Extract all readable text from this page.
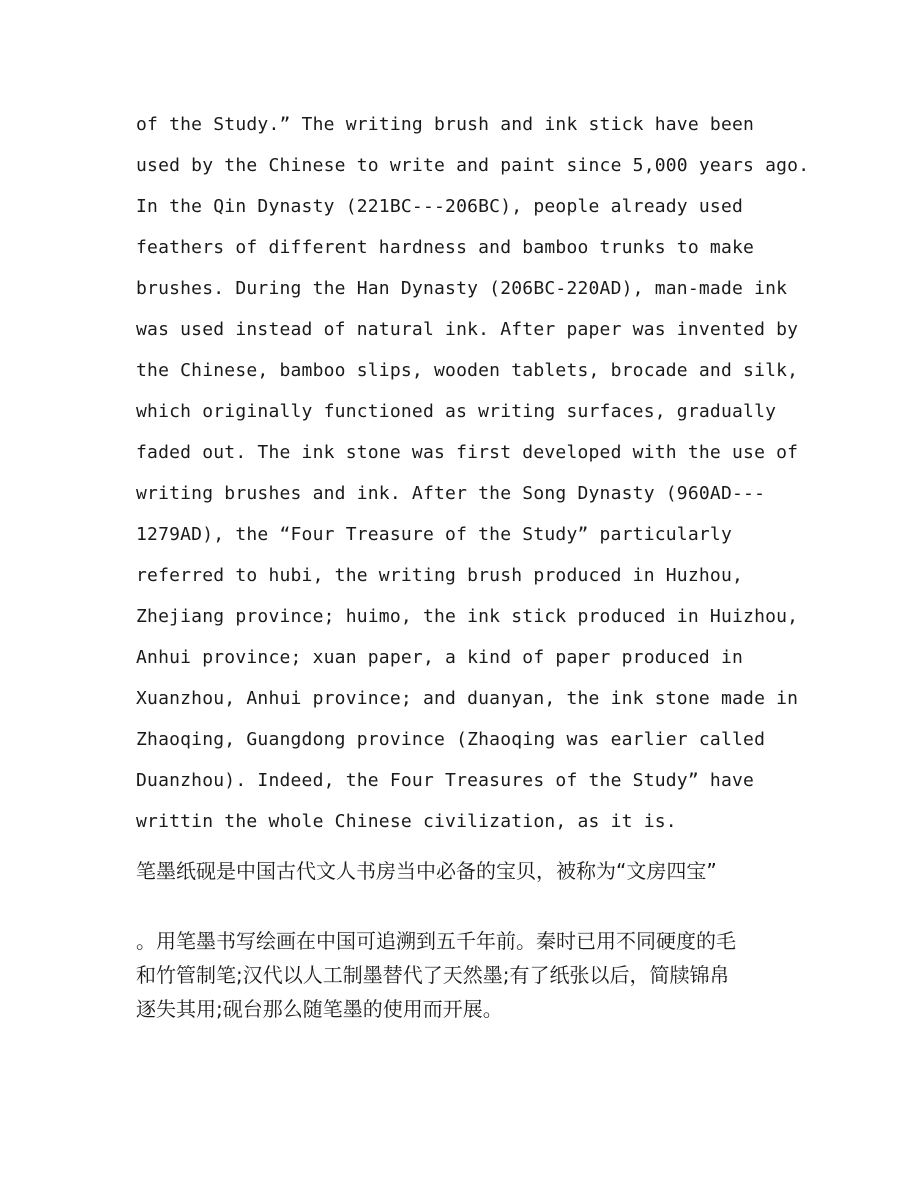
of the Study.” The writing brush and ink stick have been
used by the Chinese to write and paint since 5,000 years ago.
In the Qin Dynasty (221BC---206BC), people already used
feathers of different hardness and bamboo trunks to make
brushes. During the Han Dynasty (206BC-220AD), man-made ink
was used instead of natural ink. After paper was invented by
the Chinese, bamboo slips, wooden tablets, brocade and silk,
which originally functioned as writing surfaces, gradually
faded out. The ink stone was first developed with the use of
writing brushes and ink. After the Song Dynasty (960AD---
1279AD), the “Four Treasure of the Study” particularly
referred to hubi, the writing brush produced in Huzhou,
Zhejiang province; huimo, the ink stick produced in Huizhou,
Anhui province; xuan paper, a kind of paper produced in
Xuanzhou, Anhui province; and duanyan, the ink stone made in
Zhaoqing, Guangdong province (Zhaoqing was earlier called
Duanzhou). Indeed, the Four Treasures of the Study” have
writtin the whole Chinese civilization, as it is.
笔墨纸砚是中国古代文人书房当中必备的宝贝，被称为“文房四宝”
。用笔墨书写绘画在中国可追溯到五千年前。秦时已用不同硬度的毛
和竹管制笔;汉代以人工制墨替代了天然墨;有了纸张以后，简牍锦帛
逐失其用;砚台那么随笔墨的使用而开展。
